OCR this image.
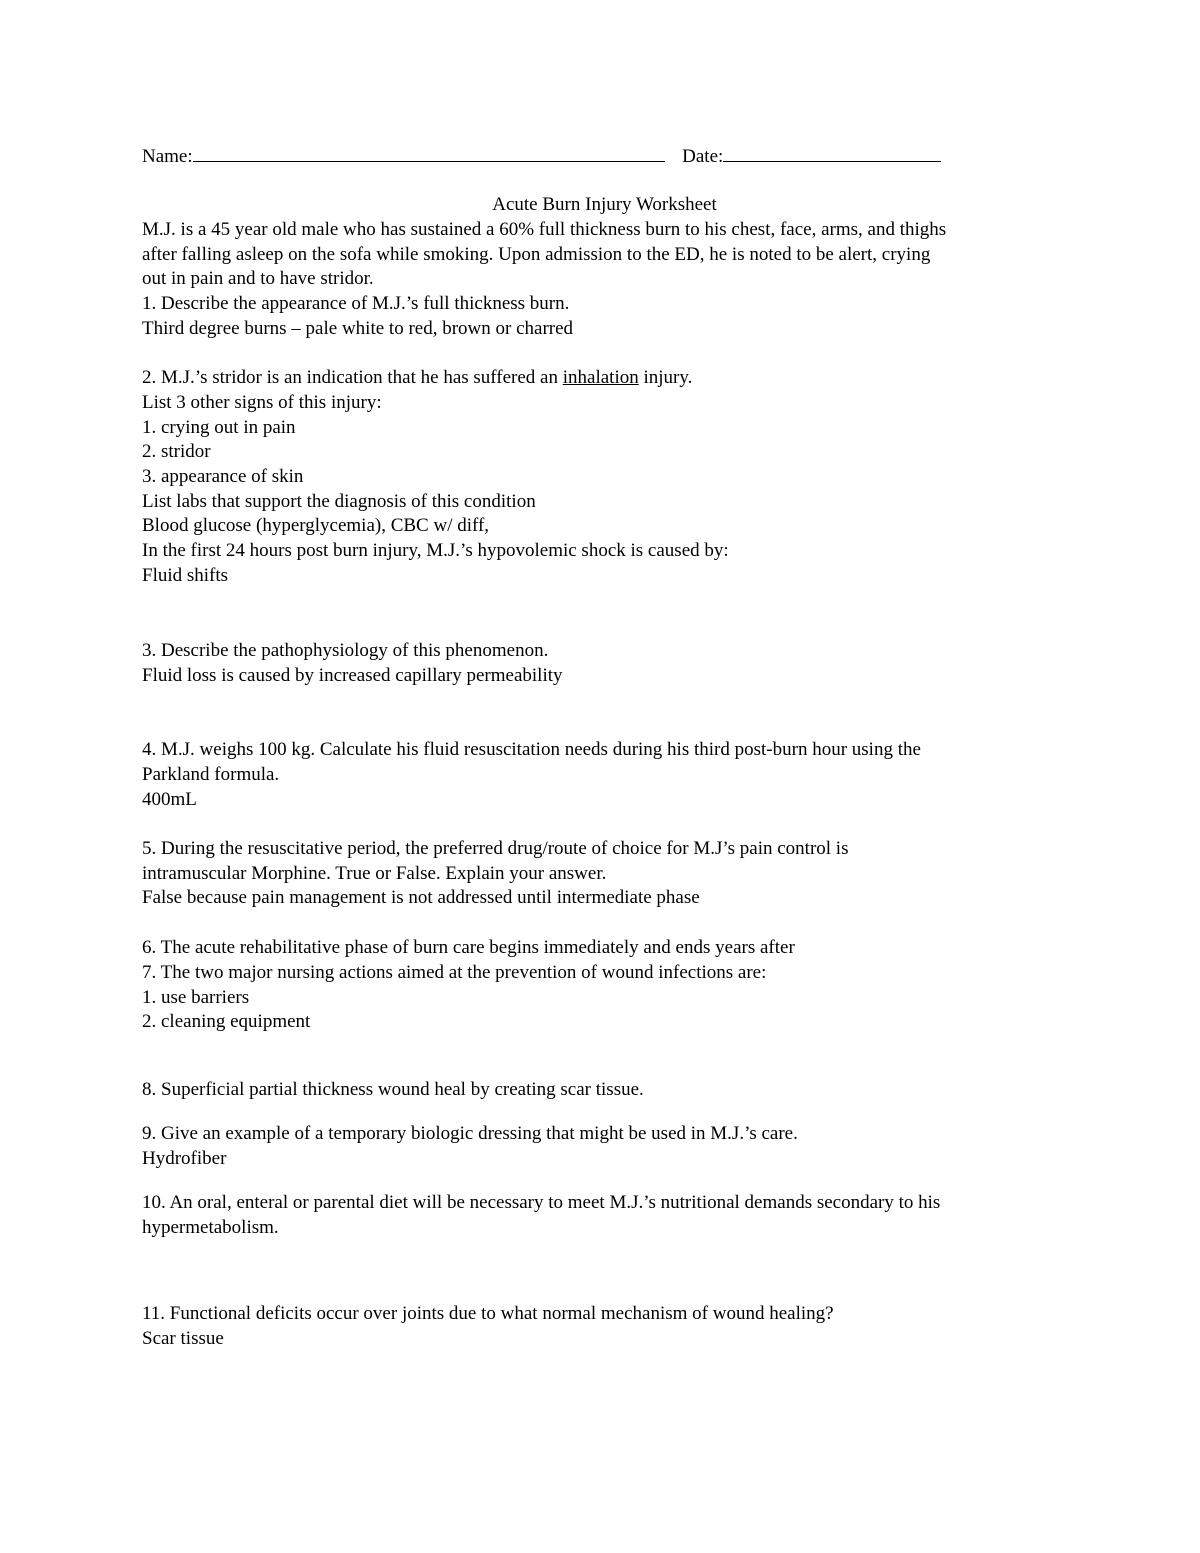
Name:	Date:
Acute Burn Injury Worksheet
M.J. is a 45 year old male who has sustained a 60% full thickness burn to his chest, face, arms, and thighs
after falling asleep on the sofa while smoking. Upon admission to the ED, he is noted to be alert, crying
out in pain and to have stridor.
1. Describe the appearance of M.J.’s full thickness burn.
Third degree burns – pale white to red, brown or charred
2. M.J.’s stridor is an indication that he has suffered an inhalation injury.
List 3 other signs of this injury:
1. crying out in pain
2. stridor
3. appearance of skin
List labs that support the diagnosis of this condition
Blood glucose (hyperglycemia), CBC w/ diff,
In the first 24 hours post burn injury, M.J.’s hypovolemic shock is caused by:
Fluid shifts
3. Describe the pathophysiology of this phenomenon.
Fluid loss is caused by increased capillary permeability
4. M.J. weighs 100 kg. Calculate his fluid resuscitation needs during his third post-burn hour using the
Parkland formula.
400mL
5. During the resuscitative period, the preferred drug/route of choice for M.J’s pain control is
intramuscular Morphine. True or False. Explain your answer.
False because pain management is not addressed until intermediate phase
6. The acute rehabilitative phase of burn care begins immediately and ends years after
7. The two major nursing actions aimed at the prevention of wound infections are:
1. use barriers
2. cleaning equipment
8. Superficial partial thickness wound heal by creating scar tissue.
9. Give an example of a temporary biologic dressing that might be used in M.J.’s care.
Hydrofiber
10. An oral, enteral or parental diet will be necessary to meet M.J.’s nutritional demands secondary to his
hypermetabolism.
11. Functional deficits occur over joints due to what normal mechanism of wound healing?
Scar tissue
